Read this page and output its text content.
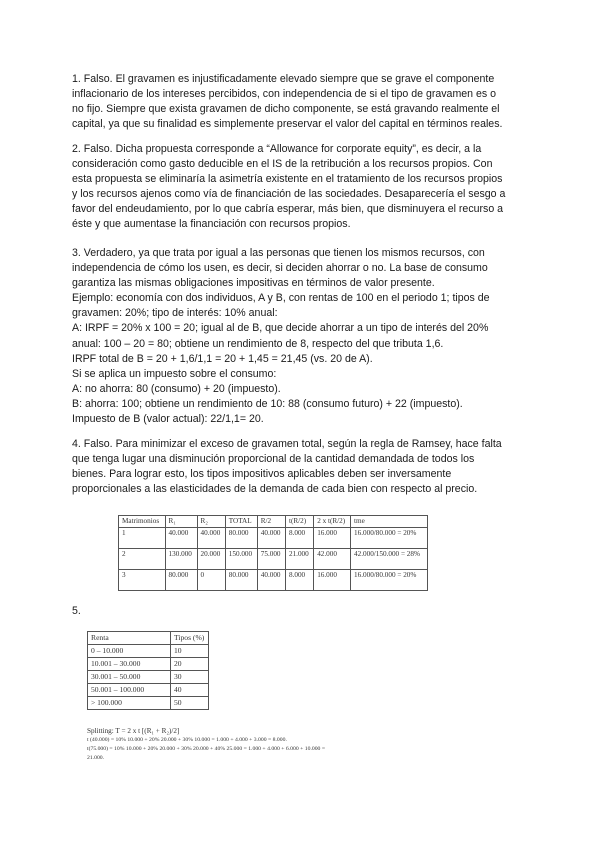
1. Falso. El gravamen es injustificadamente elevado siempre que se grave el componente
inflacionario de los intereses percibidos, con independencia de si el tipo de gravamen es o
no fijo. Siempre que exista gravamen de dicho componente, se está gravando realmente el
capital, ya que su finalidad es simplemente preservar el valor del capital en términos reales.
2. Falso. Dicha propuesta corresponde a “Allowance for corporate equity”, es decir, a la
consideración como gasto deducible en el IS de la retribución a los recursos propios. Con
esta propuesta se eliminaría la asimetría existente en el tratamiento de los recursos propios
y los recursos ajenos como vía de financiación de las sociedades. Desaparecería el sesgo a
favor del endeudamiento, por lo que cabría esperar, más bien, que disminuyera el recurso a
éste y que aumentase la financiación con recursos propios.
3. Verdadero, ya que trata por igual a las personas que tienen los mismos recursos, con
independencia de cómo los usen, es decir, si deciden ahorrar o no. La base de consumo
garantiza las mismas obligaciones impositivas en términos de valor presente.
Ejemplo: economía con dos individuos, A y B, con rentas de 100 en el periodo 1; tipos de
gravamen: 20%; tipo de interés: 10% anual:
A: IRPF = 20% x 100 = 20; igual al de B, que decide ahorrar a un tipo de interés del 20%
anual: 100 – 20 = 80; obtiene un rendimiento de 8, respecto del que tributa 1,6.
IRPF total de B = 20 + 1,6/1,1 = 20 + 1,45 = 21,45 (vs. 20 de A).
Si se aplica un impuesto sobre el consumo:
A: no ahorra: 80 (consumo) + 20 (impuesto).
B: ahorra: 100; obtiene un rendimiento de 10: 88 (consumo futuro) + 22 (impuesto).
Impuesto de B (valor actual): 22/1,1= 20.
4. Falso. Para minimizar el exceso de gravamen total, según la regla de Ramsey, hace falta
que tenga lugar una disminución proporcional de la cantidad demandada de todos los
bienes. Para lograr esto, los tipos impositivos aplicables deben ser inversamente
proporcionales a las elasticidades de la demanda de cada bien con respecto al precio.
Matrimonios	R₁	R₂	TOTAL	R/2	t(R/2)	2 x t(R/2)	tme
1	40.000	40.000	80.000	40.000	8.000	16.000	16.000/80.000 = 20%
2	130.000	20.000	150.000	75.000	21.000	42.000	42.000/150.000 = 28%
3	80.000	0	80.000	40.000	8.000	16.000	16.000/80.000 = 20%
5.
Renta	Tipos (%)
0 – 10.000	10
10.001 – 30.000	20
30.001 – 50.000	30
50.001 – 100.000	40
> 100.000	50
Splitting: T = 2 x t [(R₁ + R₂)/2]
t (40.000) = 10% 10.000 + 20% 20.000 + 30% 10.000 = 1.000 + 4.000 + 3.000 = 8.000.
t(75.000) = 10% 10.000 + 20% 20.000 + 30% 20.000 + 40% 25.000 = 1.000 + 4.000 + 6.000 + 10.000 =
21.000.
